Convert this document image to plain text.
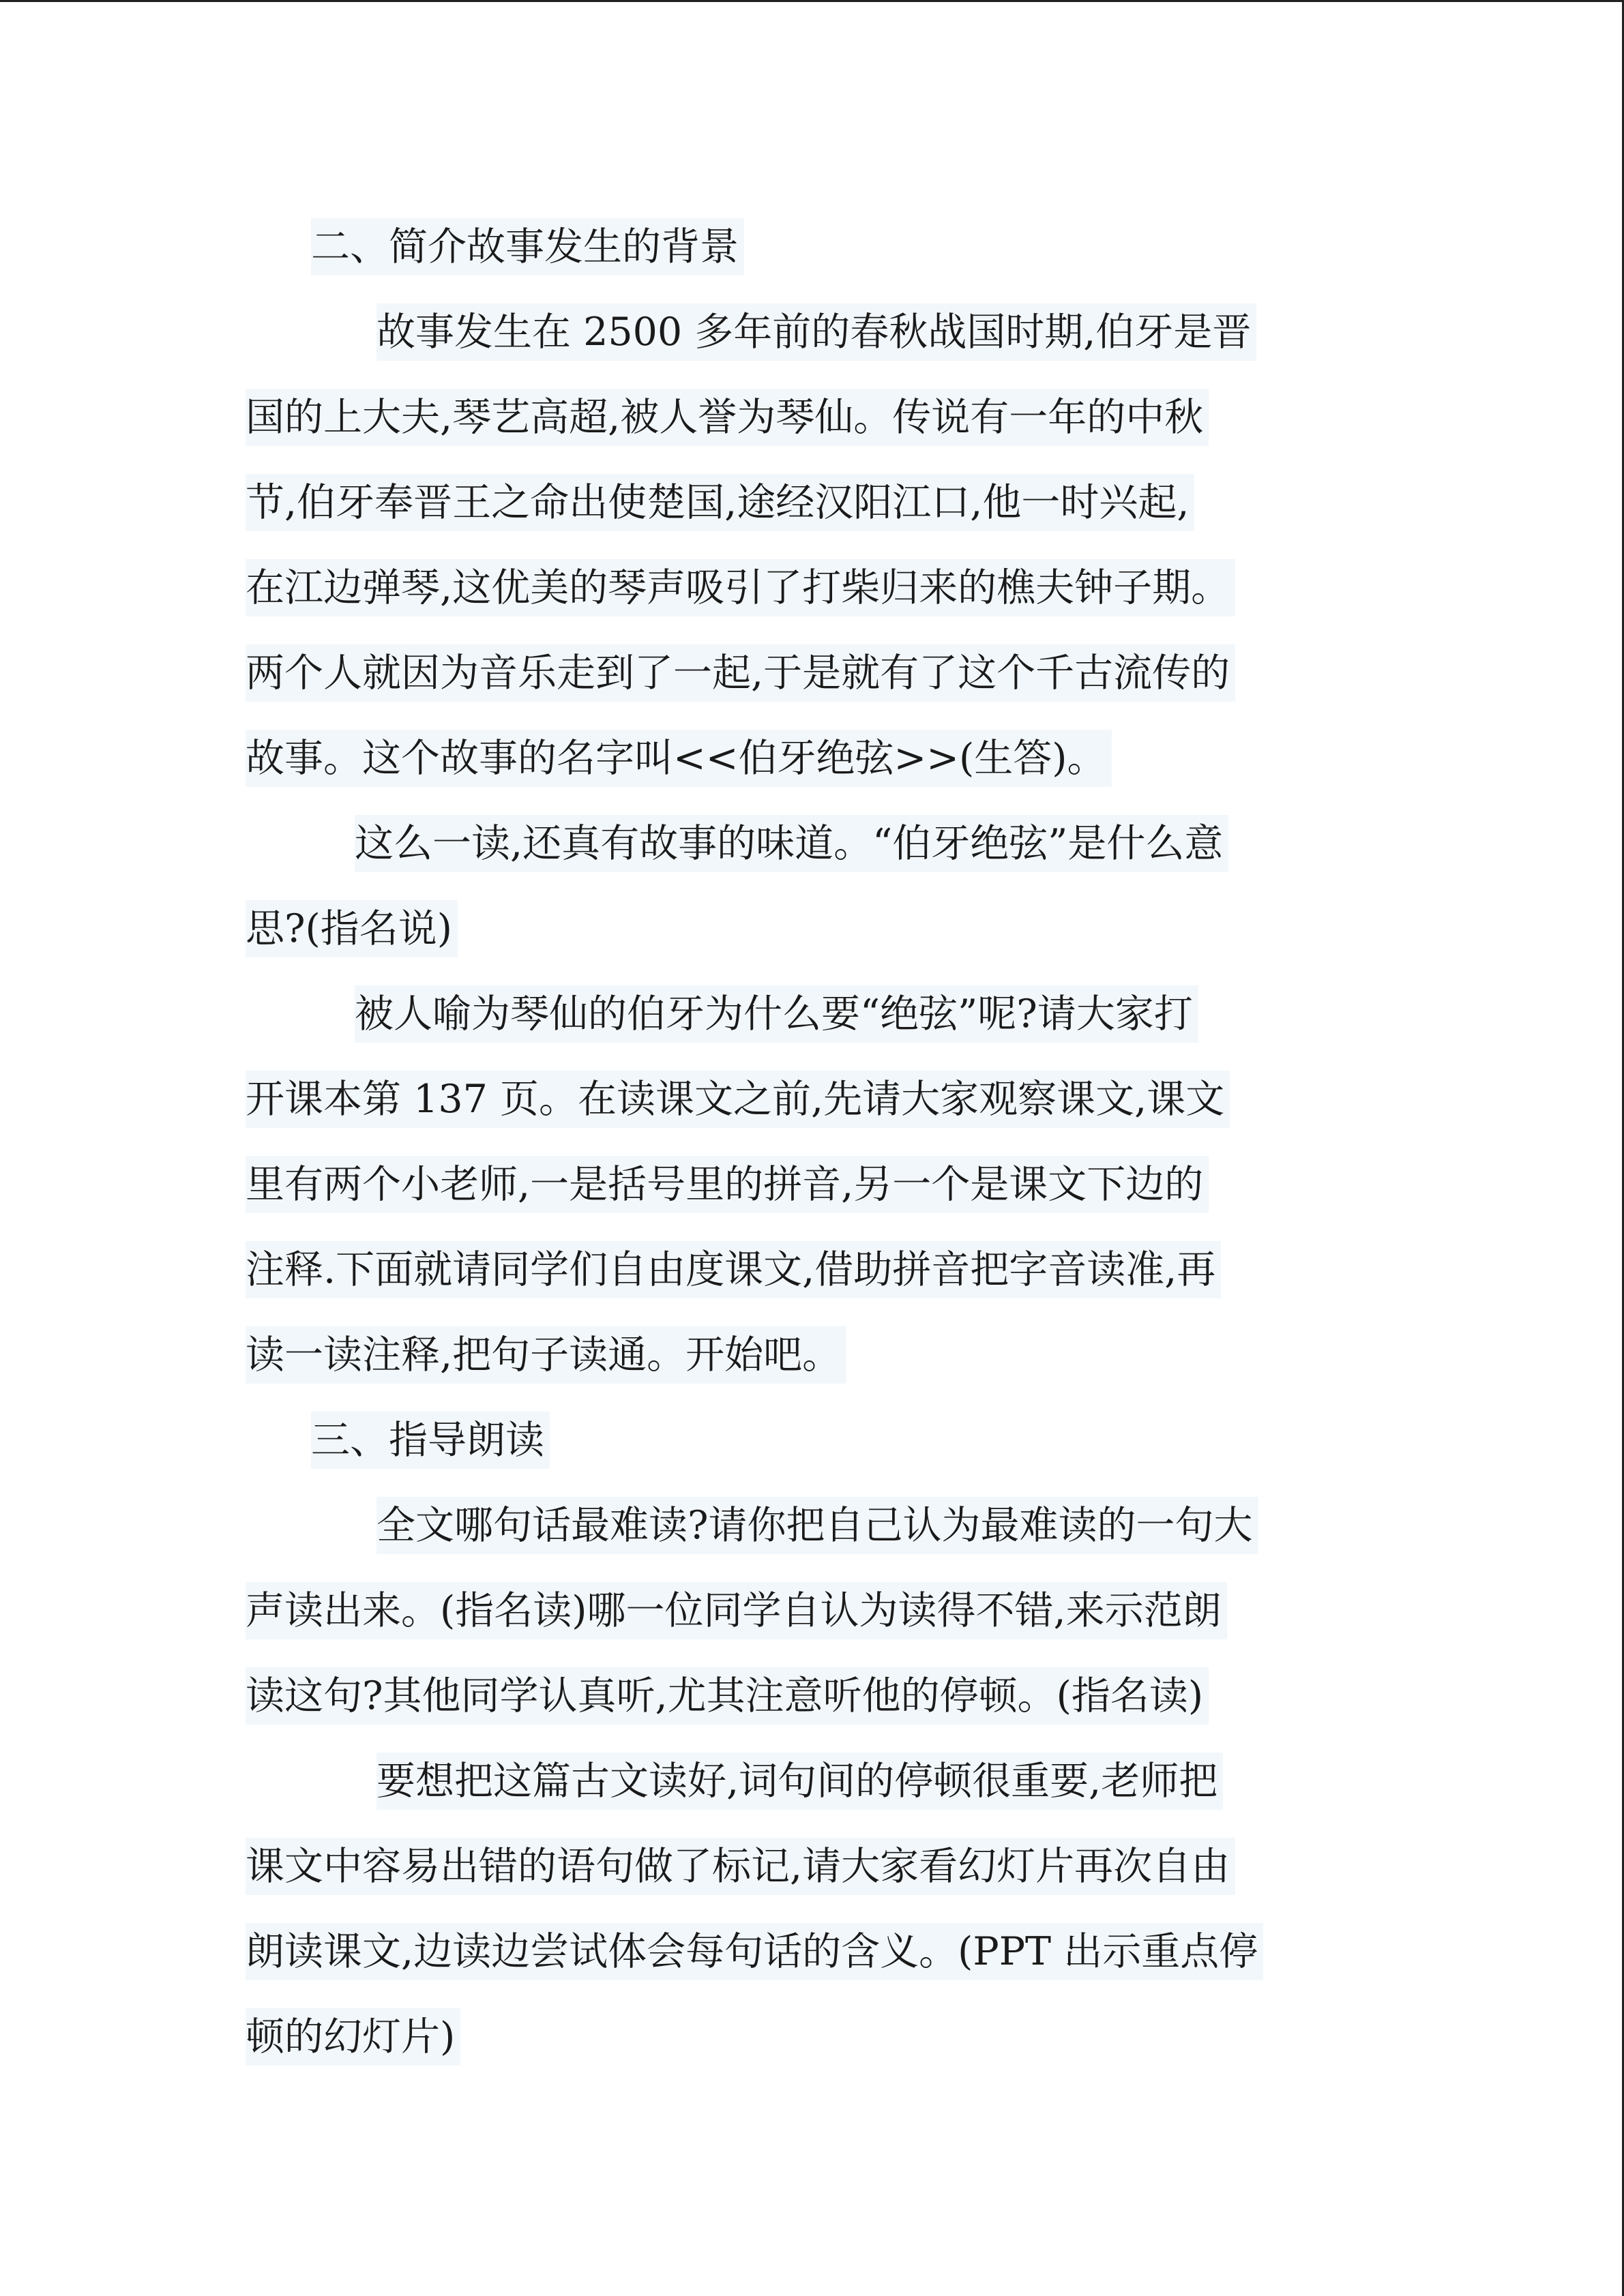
二、简介故事发生的背景
故事发生在 2500 多年前的春秋战国时期,伯牙是晋
国的上大夫,琴艺高超,被人誉为琴仙。传说有一年的中秋
节,伯牙奉晋王之命出使楚国,途经汉阳江口,他一时兴起,
在江边弹琴,这优美的琴声吸引了打柴归来的樵夫钟子期。
两个人就因为音乐走到了一起,于是就有了这个千古流传的
故事。这个故事的名字叫<<伯牙绝弦>>(生答)。
这么一读,还真有故事的味道。“伯牙绝弦”是什么意
思?(指名说)
被人喻为琴仙的伯牙为什么要“绝弦”呢?请大家打
开课本第 137 页。在读课文之前,先请大家观察课文,课文
里有两个小老师,一是括号里的拼音,另一个是课文下边的
注释.下面就请同学们自由度课文,借助拼音把字音读准,再
读一读注释,把句子读通。开始吧。
三、指导朗读
全文哪句话最难读?请你把自己认为最难读的一句大
声读出来。(指名读)哪一位同学自认为读得不错,来示范朗
读这句?其他同学认真听,尤其注意听他的停顿。(指名读)
要想把这篇古文读好,词句间的停顿很重要,老师把
课文中容易出错的语句做了标记,请大家看幻灯片再次自由
朗读课文,边读边尝试体会每句话的含义。(PPT 出示重点停
顿的幻灯片)
